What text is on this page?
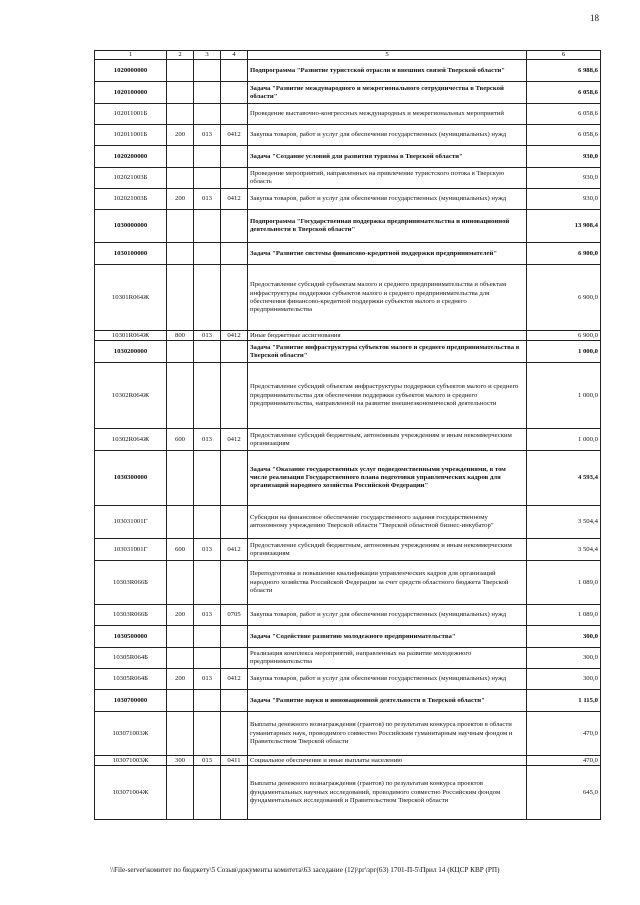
18
1	2	3	4	5	6
1020000000				Подпрограмма "Развитие туристской отрасли и внешних связей Тверской области"	6 988,6
1020100000				Задача "Развитие международного и межрегионального сотрудничества в Тверской области"	6 058,6
102011001Б				Проведение выставочно-конгрессных международных и межрегиональных мероприятий	6 058,6
102011001Б	200	013	0412	Закупка товаров, работ и услуг для обеспечения государственных (муниципальных) нужд	6 058,6
1020200000				Задача "Создание условий для развития туризма в Тверской области"	930,0
102021003Б				Проведение мероприятий, направленных на привлечение туристского потока в Тверскую область	930,0
102021003Б	200	013	0412	Закупка товаров, работ и услуг для обеспечения государственных (муниципальных) нужд	930,0
1030000000				Подпрограмма "Государственная поддержка предпринимательства и инновационной деятельности в Тверской области"	13 908,4
1030100000				Задача "Развитие системы финансово-кредитной поддержки предпринимателей"	6 900,0
10301R064Ж				Предоставление субсидий субъектам малого и среднего предпринимательства и объектам инфраструктуры поддержки субъектов малого и среднего предпринимательства для обеспечения финансово-кредитной поддержки субъектов малого и среднего предпринимательства	6 900,0
10301R064Ж	800	013	0412	Иные бюджетные ассигнования	6 900,0
1030200000				Задача "Развитие инфраструктуры субъектов малого и среднего предпринимательства в Тверской области"	1 000,0
10302R064Ж				Предоставление субсидий объектам инфраструктуры поддержки субъектов малого и среднего предпринимательства для обеспечения поддержки субъектов малого и среднего предпринимательства, направленной на развитие внешнеэкономической деятельности	1 000,0
10302R064Ж	600	013	0412	Предоставление субсидий бюджетным, автономным учреждениям и иным некоммерческим организациям	1 000,0
1030300000				Задача "Оказание государственных услуг подведомственными учреждениями, в том числе реализация Государственного плана подготовки управленческих кадров для организаций народного хозяйства Российской Федерации"	4 593,4
103031001Г				Субсидии на финансовое обеспечение государственного задания государственному автономному учреждению Тверской области "Тверской областной бизнес-инкубатор"	3 504,4
103031001Г	600	013	0412	Предоставление субсидий бюджетным, автономным учреждениям и иным некоммерческим организациям	3 504,4
10303R066Б				Переподготовка и повышение квалификации управленческих кадров для организаций народного хозяйства Российской Федерации за счет средств областного бюджета Тверской области	1 089,0
10303R066Б	200	013	0705	Закупка товаров, работ и услуг для обеспечения государственных (муниципальных) нужд	1 089,0
1030500000				Задача "Содействие развитию молодежного предпринимательства"	300,0
10305R064Б				Реализация комплекса мероприятий, направленных на развитие молодежного предпринимательства	300,0
10305R064Б	200	013	0412	Закупка товаров, работ и услуг для обеспечения государственных (муниципальных) нужд	300,0
1030700000				Задача "Развитие науки и инновационной деятельности в Тверской области"	1 115,0
103071003Ж				Выплаты денежного вознаграждения (грантов) по результатам конкурса проектов в области гуманитарных наук, проводимого совместно Российским гуманитарным научным фондом и Правительством Тверской области	470,0
103071003Ж	300	013	0411	Социальное обеспечение и иные выплаты населению	470,0
103071004Ж				Выплаты денежного вознаграждения (грантов) по результатам конкурса проектов фундаментальных научных исследований, проводимого совместно Российским фондом фундаментальных исследований и Правительством Тверской области	645,0
\\File-server\комитет по бюджету\5 Созыв\документы комитета\63 заседание (12)\рг\зрг(63) 1701-П-5\Прил 14 (КЦСР КВР (РП)
